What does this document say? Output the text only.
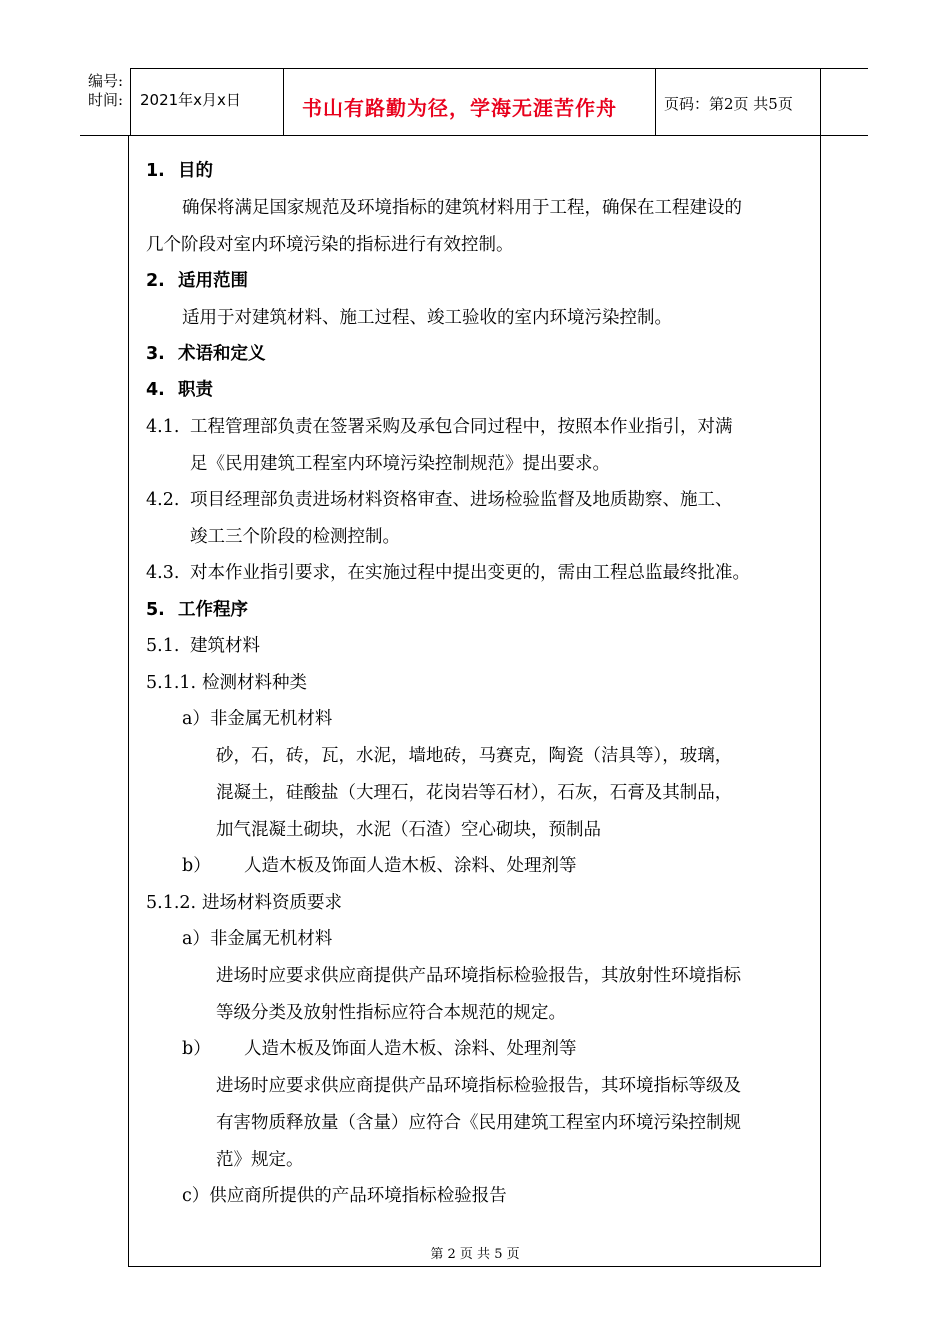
编号:
时间: 2021年x月x日	书山有路勤为径，学海无涯苦作舟	页码：第2页 共5页
1. 目的
确保将满足国家规范及环境指标的建筑材料用于工程，确保在工程建设的
几个阶段对室内环境污染的指标进行有效控制。
2. 适用范围
适用于对建筑材料、施工过程、竣工验收的室内环境污染控制。
3. 术语和定义
4. 职责
4.1. 工程管理部负责在签署采购及承包合同过程中，按照本作业指引，对满
足《民用建筑工程室内环境污染控制规范》提出要求。
4.2. 项目经理部负责进场材料资格审查、进场检验监督及地质勘察、施工、
竣工三个阶段的检测控制。
4.3. 对本作业指引要求，在实施过程中提出变更的，需由工程总监最终批准。
5. 工作程序
5.1. 建筑材料
5.1.1. 检测材料种类
a）非金属无机材料
砂，石，砖，瓦，水泥，墙地砖，马赛克，陶瓷（洁具等），玻璃，
混凝土，硅酸盐（大理石，花岗岩等石材），石灰，石膏及其制品，
加气混凝土砌块，水泥（石渣）空心砌块，预制品
b） 人造木板及饰面人造木板、涂料、处理剂等
5.1.2. 进场材料资质要求
a）非金属无机材料
进场时应要求供应商提供产品环境指标检验报告，其放射性环境指标
等级分类及放射性指标应符合本规范的规定。
b） 人造木板及饰面人造木板、涂料、处理剂等
进场时应要求供应商提供产品环境指标检验报告，其环境指标等级及
有害物质释放量（含量）应符合《民用建筑工程室内环境污染控制规
范》规定。
c）供应商所提供的产品环境指标检验报告
第 2 页 共 5 页
